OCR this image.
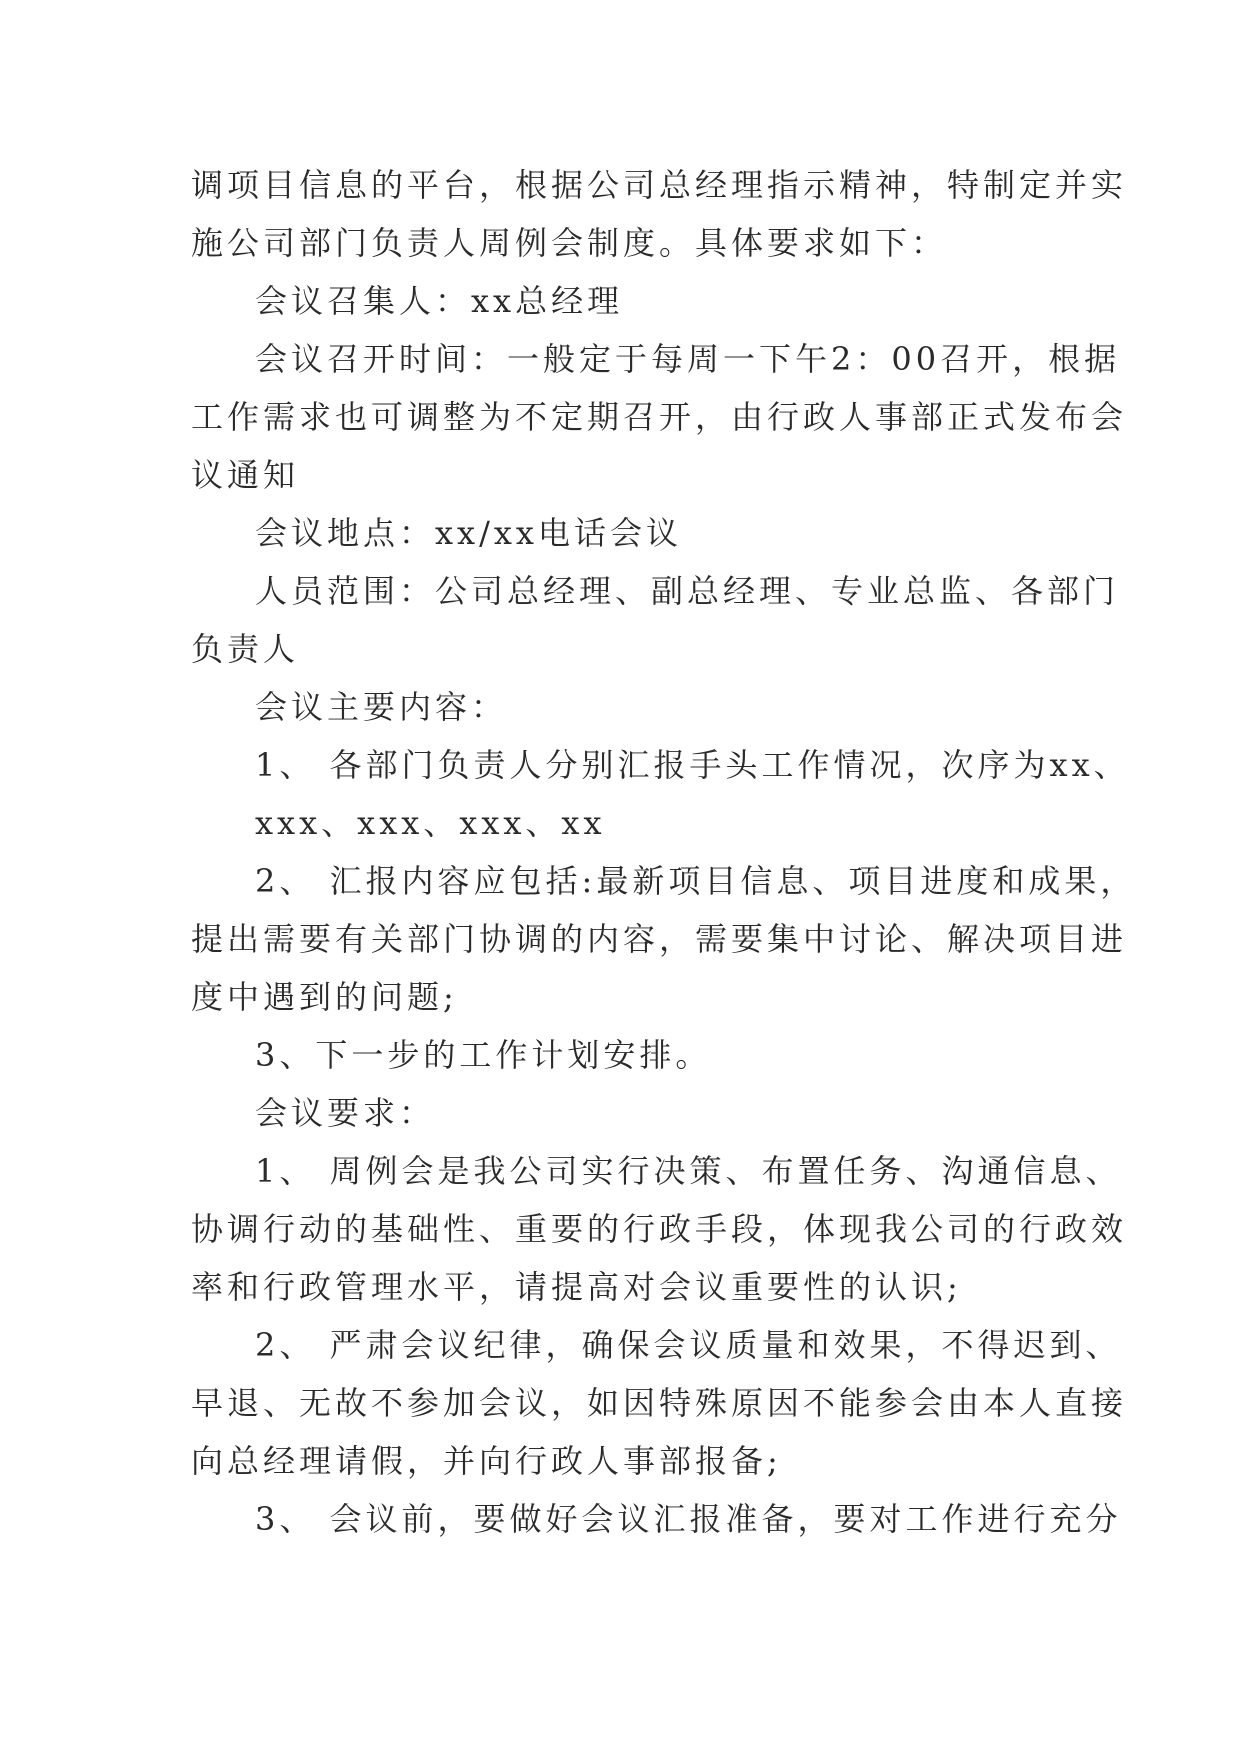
调项目信息的平台，根据公司总经理指示精神，特制定并实
施公司部门负责人周例会制度。具体要求如下：
会议召集人：xx总经理
会议召开时间：一般定于每周一下午2：00召开，根据
工作需求也可调整为不定期召开，由行政人事部正式发布会
议通知
会议地点：xx/xx电话会议
人员范围：公司总经理、副总经理、专业总监、各部门
负责人
会议主要内容：
1、 各部门负责人分别汇报手头工作情况，次序为xx、
xxx、xxx、xxx、xx
2、 汇报内容应包括:最新项目信息、项目进度和成果，
提出需要有关部门协调的内容，需要集中讨论、解决项目进
度中遇到的问题;
3、下一步的工作计划安排。
会议要求：
1、 周例会是我公司实行决策、布置任务、沟通信息、
协调行动的基础性、重要的行政手段，体现我公司的行政效
率和行政管理水平，请提高对会议重要性的认识;
2、 严肃会议纪律，确保会议质量和效果，不得迟到、
早退、无故不参加会议，如因特殊原因不能参会由本人直接
向总经理请假，并向行政人事部报备;
3、 会议前，要做好会议汇报准备，要对工作进行充分
